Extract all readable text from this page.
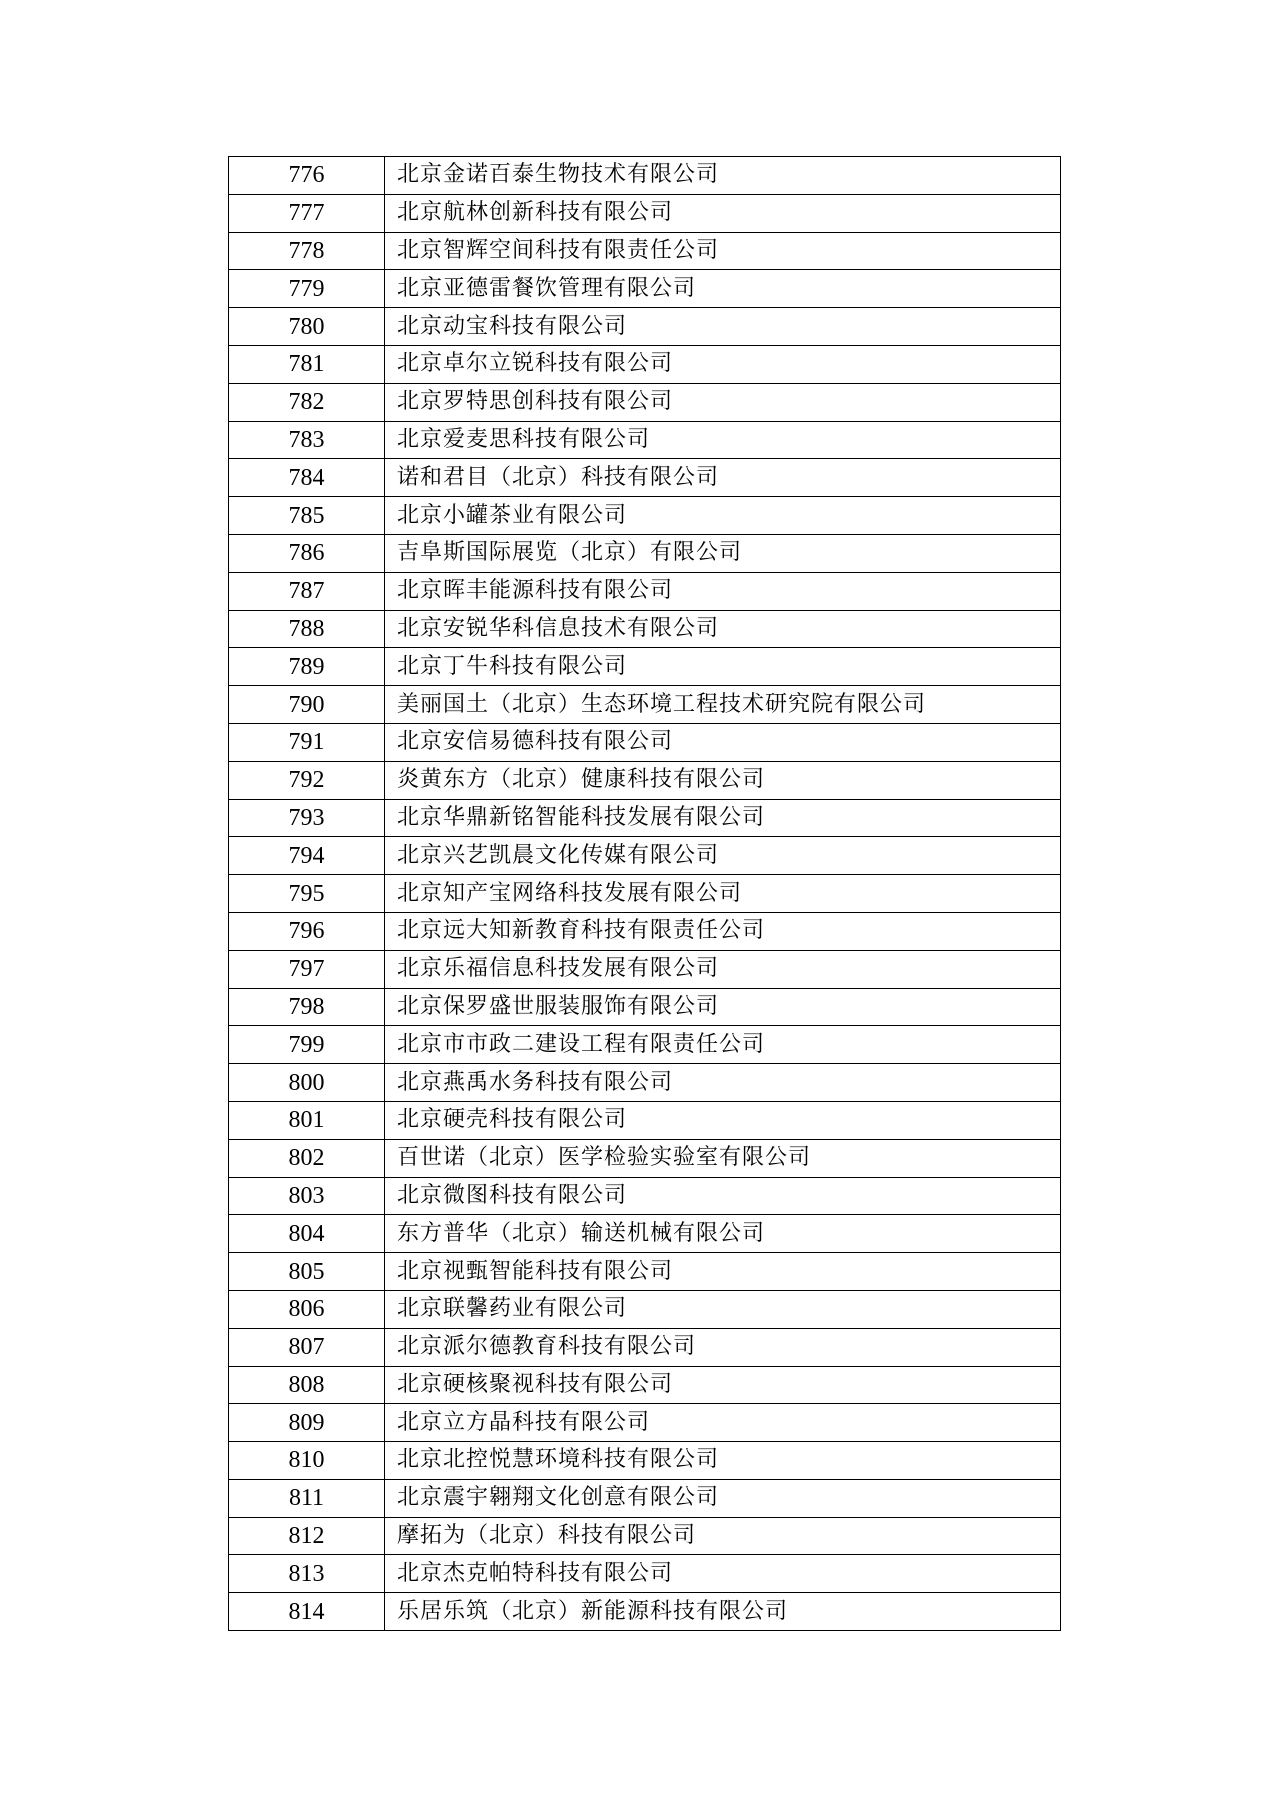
776	北京金诺百泰生物技术有限公司
777	北京航林创新科技有限公司
778	北京智辉空间科技有限责任公司
779	北京亚德雷餐饮管理有限公司
780	北京动宝科技有限公司
781	北京卓尔立锐科技有限公司
782	北京罗特思创科技有限公司
783	北京爱麦思科技有限公司
784	诺和君目（北京）科技有限公司
785	北京小罐茶业有限公司
786	吉阜斯国际展览（北京）有限公司
787	北京晖丰能源科技有限公司
788	北京安锐华科信息技术有限公司
789	北京丁牛科技有限公司
790	美丽国土（北京）生态环境工程技术研究院有限公司
791	北京安信易德科技有限公司
792	炎黄东方（北京）健康科技有限公司
793	北京华鼎新铭智能科技发展有限公司
794	北京兴艺凯晨文化传媒有限公司
795	北京知产宝网络科技发展有限公司
796	北京远大知新教育科技有限责任公司
797	北京乐福信息科技发展有限公司
798	北京保罗盛世服装服饰有限公司
799	北京市市政二建设工程有限责任公司
800	北京燕禹水务科技有限公司
801	北京硬壳科技有限公司
802	百世诺（北京）医学检验实验室有限公司
803	北京微图科技有限公司
804	东方普华（北京）输送机械有限公司
805	北京视甄智能科技有限公司
806	北京联馨药业有限公司
807	北京派尔德教育科技有限公司
808	北京硬核聚视科技有限公司
809	北京立方晶科技有限公司
810	北京北控悦慧环境科技有限公司
811	北京震宇翱翔文化创意有限公司
812	摩拓为（北京）科技有限公司
813	北京杰克帕特科技有限公司
814	乐居乐筑（北京）新能源科技有限公司
